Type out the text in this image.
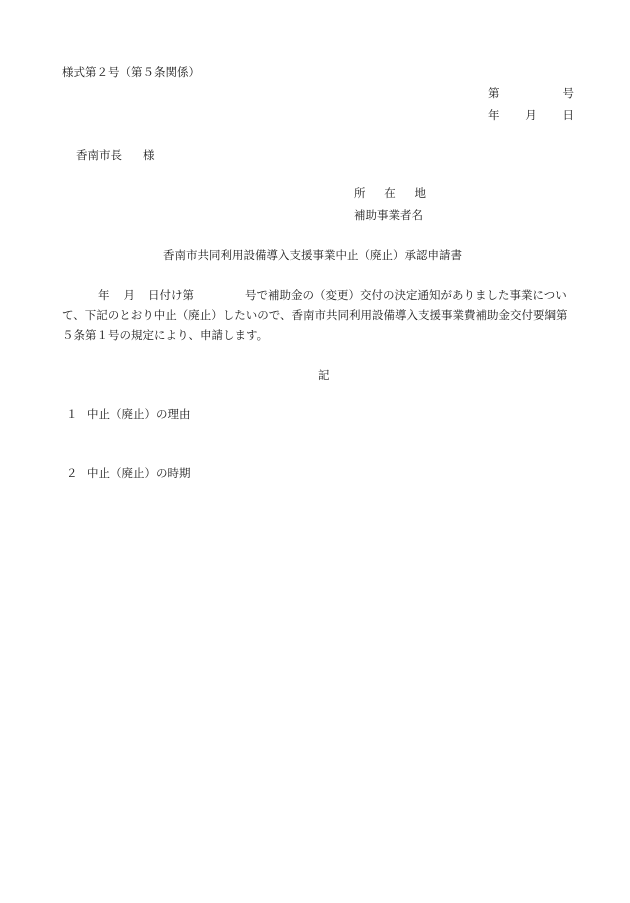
様式第２号（第５条関係）
第	号
年 月 日
香南市長 様
所 在 地
補助事業者名
香南市共同利用設備導入支援事業中止（廃止）承認申請書
年 月 日付け第	号で補助金の（変更）交付の決定通知がありました事業につい
て、下記のとおり中止（廃止）したいので、香南市共同利用設備導入支援事業費補助金交付要綱第
５条第１号の規定により、申請します。
記
１ 中止（廃止）の理由
２ 中止（廃止）の時期
